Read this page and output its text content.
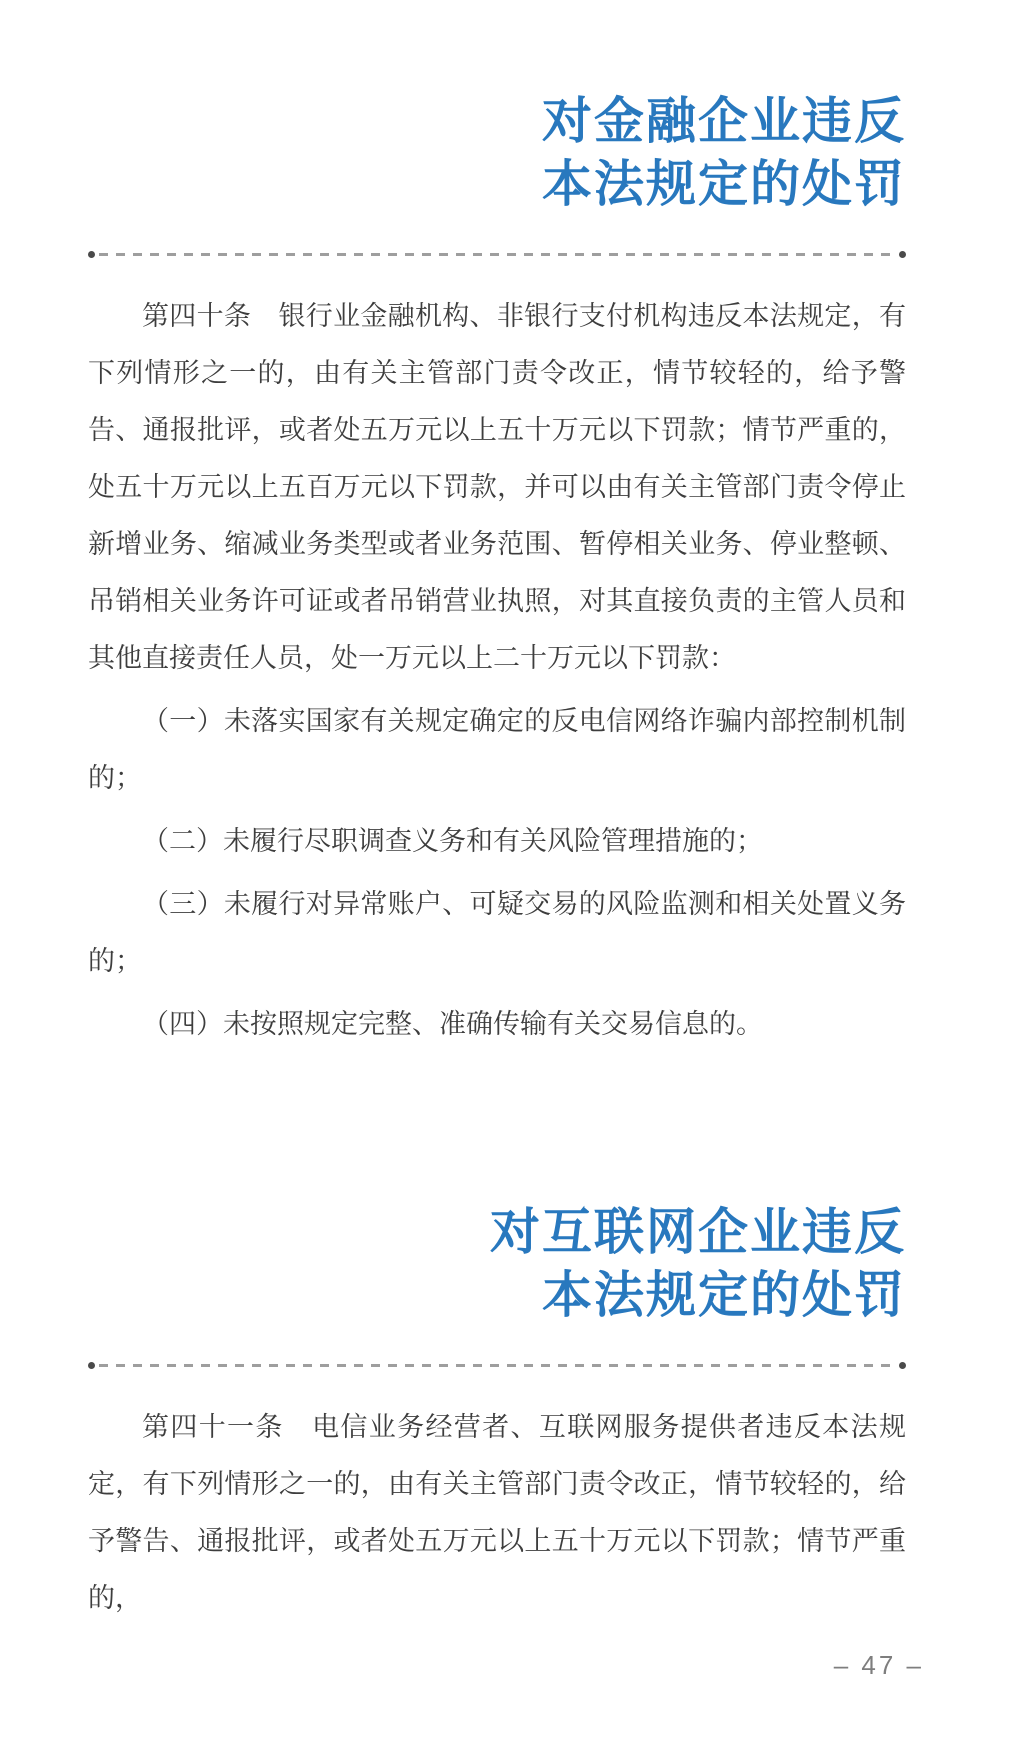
对金融企业违反
本法规定的处罚

第四十条　银行业金融机构、非银行支付机构违反本法规定，有下列情形之一的，由有关主管部门责令改正，情节较轻的，给予警告、通报批评，或者处五万元以上五十万元以下罚款；情节严重的，处五十万元以上五百万元以下罚款，并可以由有关主管部门责令停止新增业务、缩减业务类型或者业务范围、暂停相关业务、停业整顿、吊销相关业务许可证或者吊销营业执照，对其直接负责的主管人员和其他直接责任人员，处一万元以上二十万元以下罚款：

（一）未落实国家有关规定确定的反电信网络诈骗内部控制机制的；

（二）未履行尽职调查义务和有关风险管理措施的；

（三）未履行对异常账户、可疑交易的风险监测和相关处置义务的；

（四）未按照规定完整、准确传输有关交易信息的。

对互联网企业违反
本法规定的处罚

第四十一条　电信业务经营者、互联网服务提供者违反本法规定，有下列情形之一的，由有关主管部门责令改正，情节较轻的，给予警告、通报批评，或者处五万元以上五十万元以下罚款；情节严重的，

– 47 –
